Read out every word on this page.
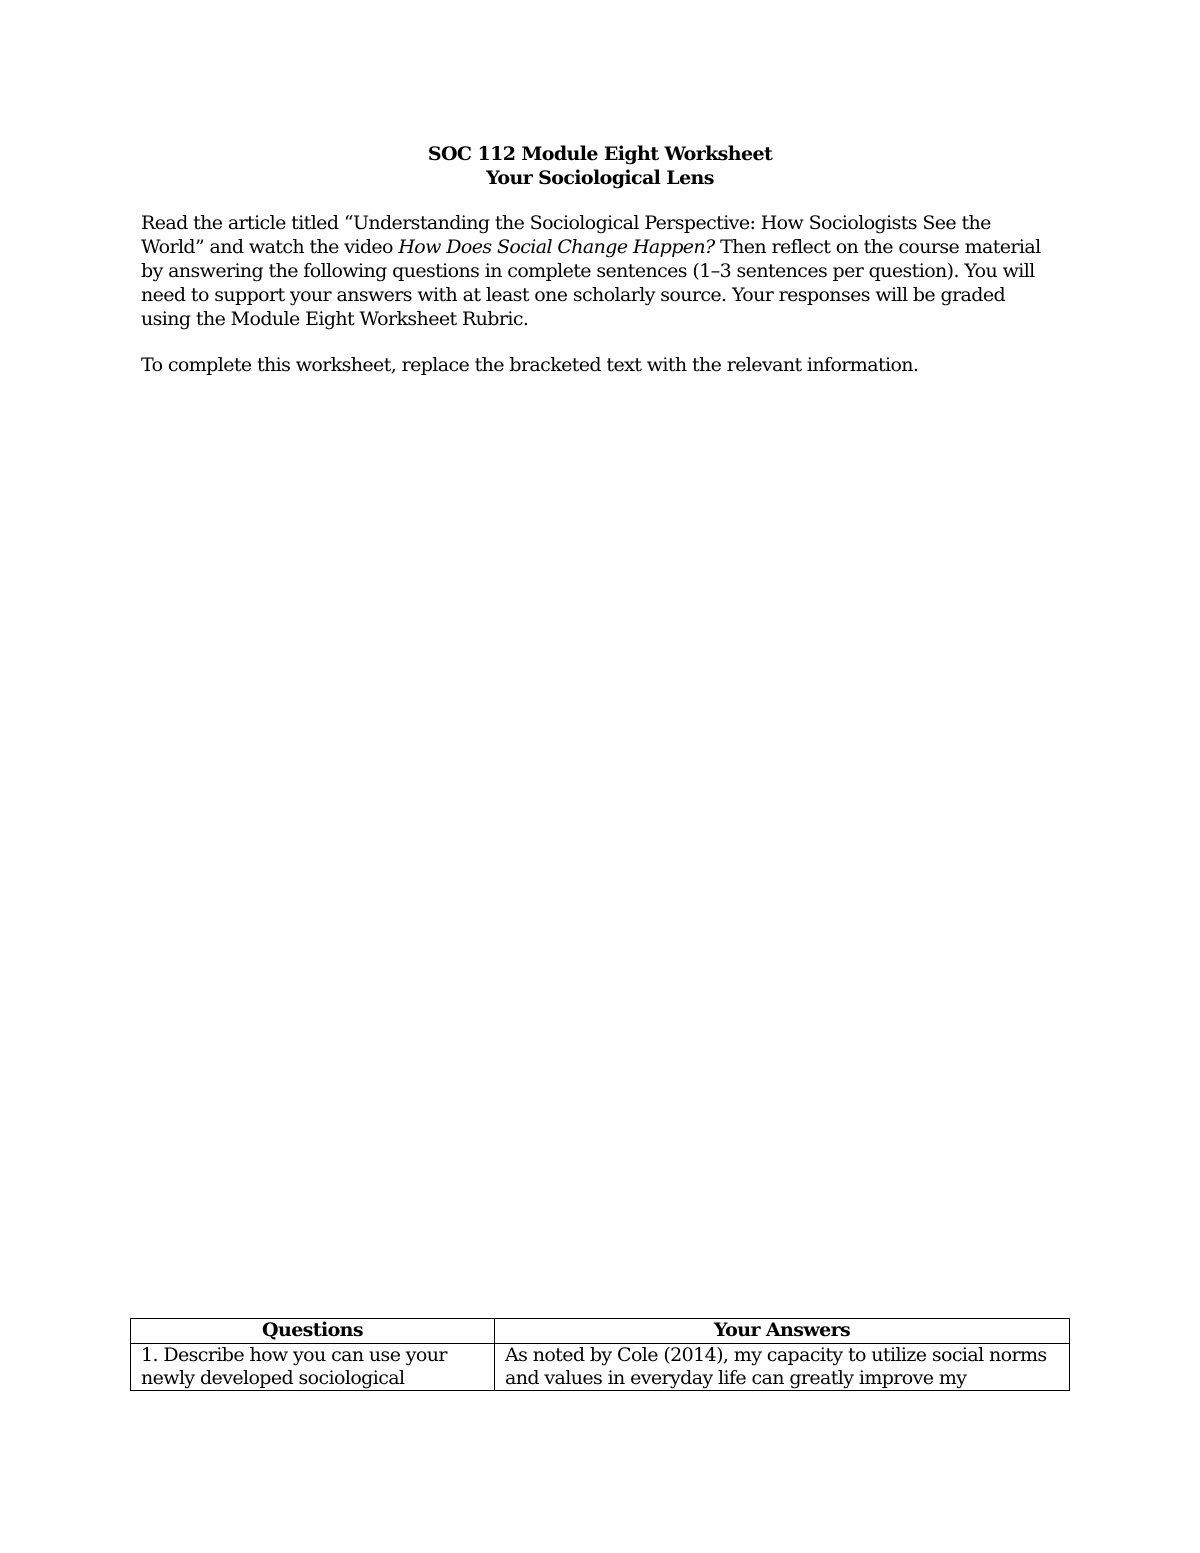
SOC 112 Module Eight Worksheet
Your Sociological Lens

Read the article titled “Understanding the Sociological Perspective: How Sociologists See the World” and watch the video How Does Social Change Happen? Then reflect on the course material by answering the following questions in complete sentences (1–3 sentences per question). You will need to support your answers with at least one scholarly source. Your responses will be graded using the Module Eight Worksheet Rubric.

To complete this worksheet, replace the bracketed text with the relevant information.

Questions	Your Answers
1. Describe how you can use your newly developed sociological	As noted by Cole (2014), my capacity to utilize social norms and values in everyday life can greatly improve my
